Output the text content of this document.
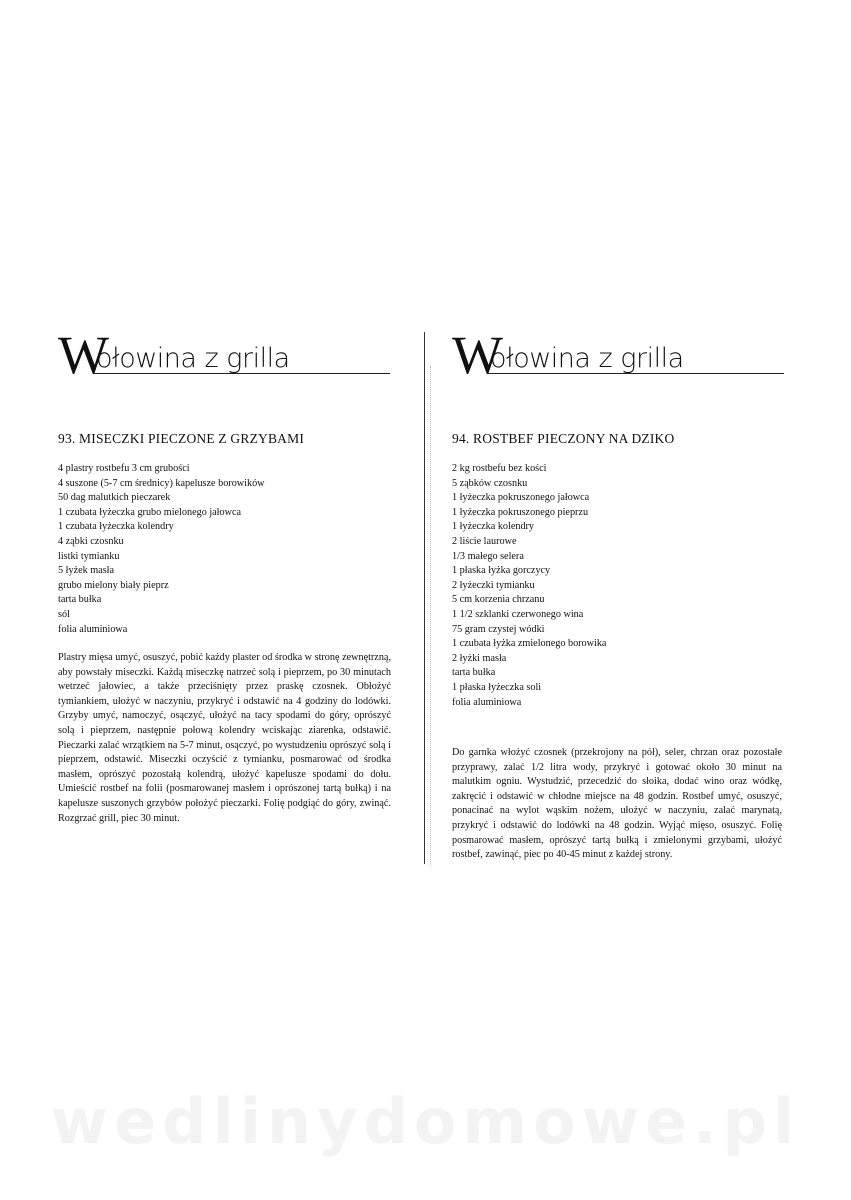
W
ołowina z grilla
93. MISECZKI PIECZONE Z GRZYBAMI
4 plastry rostbefu 3 cm grubości
4 suszone (5-7 cm średnicy) kapelusze borowików
50 dag malutkich pieczarek
1 czubata łyżeczka grubo mielonego jałowca
1 czubata łyżeczka kolendry
4 ząbki czosnku
listki tymianku
5 łyżek masła
grubo mielony biały pieprz
tarta bułka
sól
folia aluminiowa

Plastry mięsa umyć, osuszyć, pobić każdy plaster od środka w stronę zewnętrzną, aby powstały miseczki. Każdą miseczkę natrzeć solą i pieprzem, po 30 minutach wetrzeć jałowiec, a także przeciśnięty przez praskę czosnek. Obłożyć tymiankiem, ułożyć w naczyniu, przykryć i odstawić na 4 godziny do lodówki. Grzyby umyć, namoczyć, osączyć, ułożyć na tacy spodami do góry, oprószyć solą i pieprzem, następnie połową kolendry wciskając ziarenka, odstawić. Pieczarki zalać wrzątkiem na 5-7 minut, osączyć, po wystudzeniu oprószyć solą i pieprzem, odstawić. Miseczki oczyścić z tymianku, posmarować od środka masłem, oprószyć pozostałą kolendrą, ułożyć kapelusze spodami do dołu. Umieścić rostbef na folii (posmarowanej masłem i oprószonej tartą bułką) i na kapelusze suszonych grzybów położyć pieczarki. Folię podgiąć do góry, zwinąć. Rozgrzać grill, piec 30 minut.

W
ołowina z grilla
94. ROSTBEF PIECZONY NA DZIKO
2 kg rostbefu bez kości
5 ząbków czosnku
1 łyżeczka pokruszonego jałowca
1 łyżeczka pokruszonego pieprzu
1 łyżeczka kolendry
2 liście laurowe
1/3 małego selera
1 płaska łyżka gorczycy
2 łyżeczki tymianku
5 cm korzenia chrzanu
1 1/2 szklanki czerwonego wina
75 gram czystej wódki
1 czubata łyżka zmielonego borowika
2 łyżki masła
tarta bułka
1 płaska łyżeczka soli
folia aluminiowa

Do garnka włożyć czosnek (przekrojony na pół), seler, chrzan oraz pozostałe przyprawy, zalać 1/2 litra wody, przykryć i gotować około 30 minut na malutkim ogniu. Wystudzić, przecedzić do słoika, dodać wino oraz wódkę, zakręcić i odstawić w chłodne miejsce na 48 godzin. Rostbef umyć, osuszyć, ponacinać na wylot wąskim nożem, ułożyć w naczyniu, zalać marynatą, przykryć i odstawić do lodówki na 48 godzin. Wyjąć mięso, osuszyć. Folię posmarować masłem, oprószyć tartą bułką i zmielonymi grzybami, ułożyć rostbef, zawinąć, piec po 40-45 minut z każdej strony.

wedlinydomowe.pl
